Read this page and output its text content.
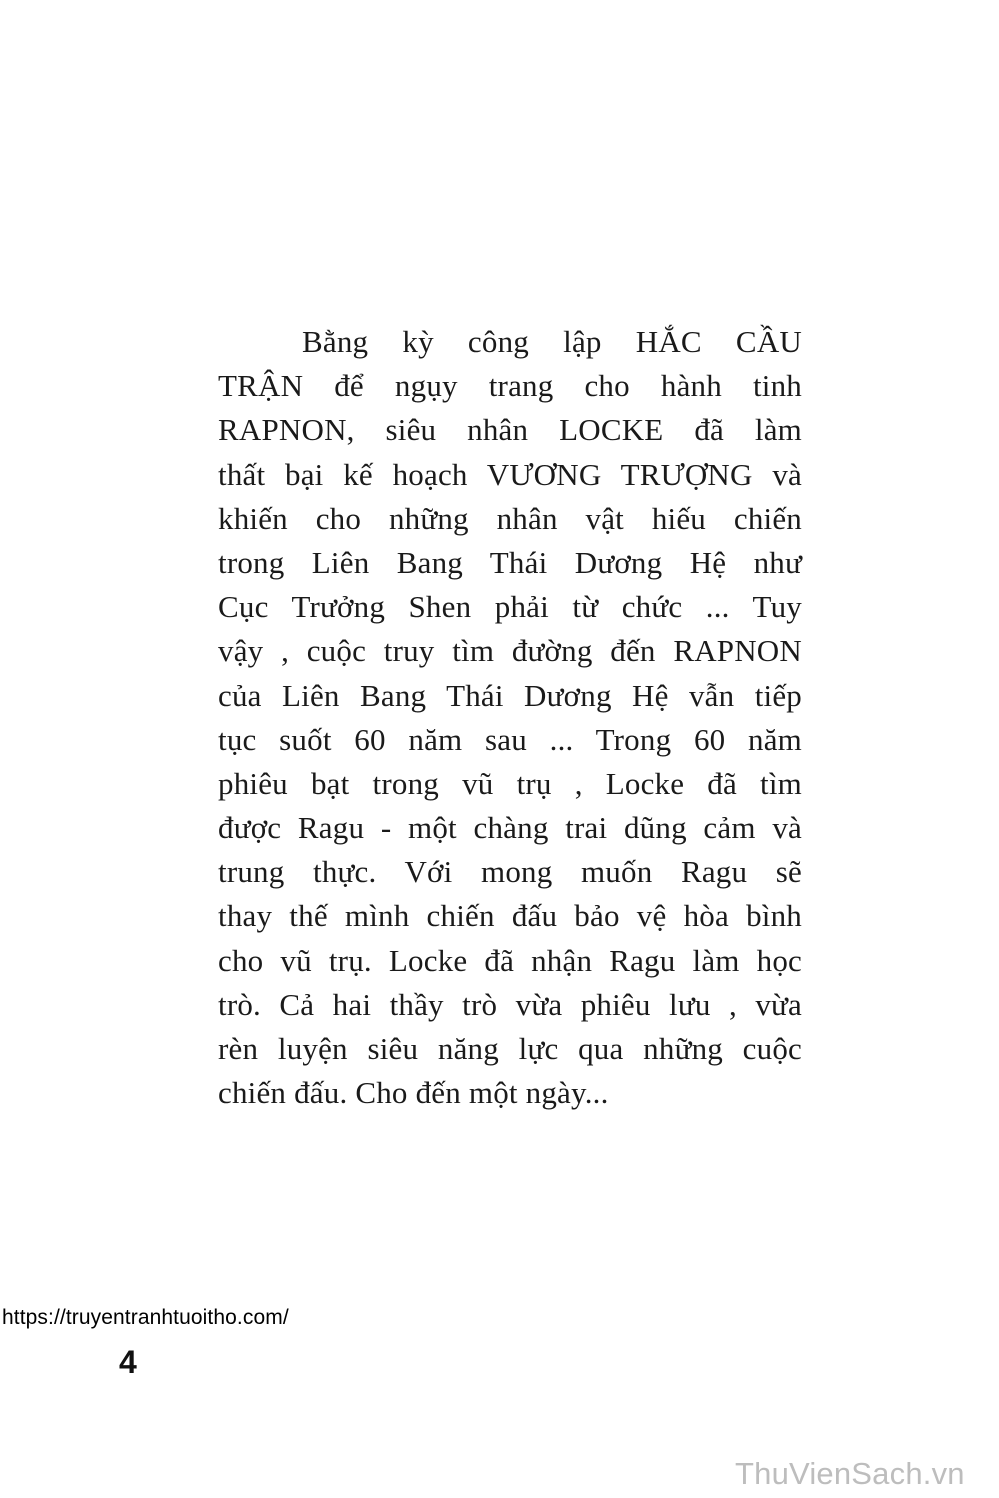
Bằng kỳ công lập HẮC CẦU
TRẬN để ngụy trang cho hành tinh
RAPNON, siêu nhân LOCKE đã làm
thất bại kế hoạch VƯƠNG TRƯỢNG và
khiến cho những nhân vật hiếu chiến
trong Liên Bang Thái Dương Hệ như
Cục Trưởng Shen phải từ chức ... Tuy
vậy , cuộc truy tìm đường đến RAPNON
của Liên Bang Thái Dương Hệ vẫn tiếp
tục suốt 60 năm sau ... Trong 60 năm
phiêu bạt trong vũ trụ , Locke đã tìm
được Ragu - một chàng trai dũng cảm và
trung thực. Với mong muốn Ragu sẽ
thay thế mình chiến đấu bảo vệ hòa bình
cho vũ trụ. Locke đã nhận Ragu làm học
trò. Cả hai thầy trò vừa phiêu lưu , vừa
rèn luyện siêu năng lực qua những cuộc
chiến đấu. Cho đến một ngày...
https://truyentranhtuoitho.com/
4
ThuVienSach.vn
